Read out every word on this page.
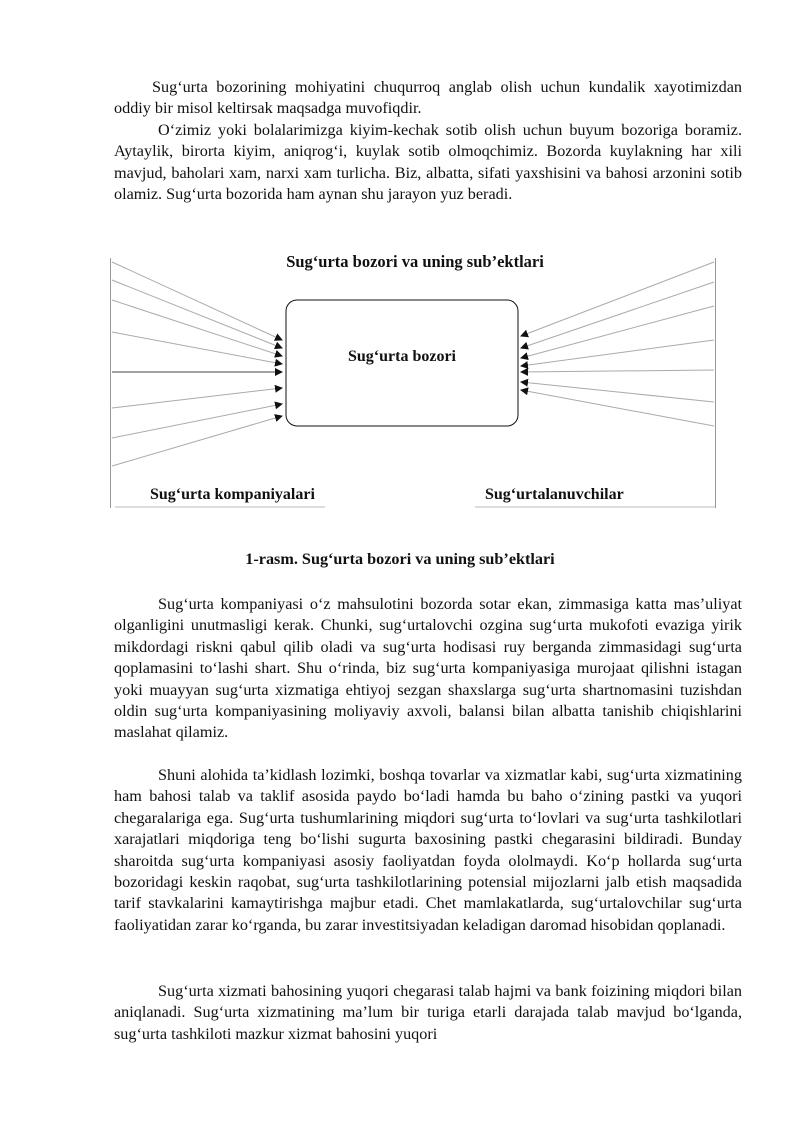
Sug‘urta bozorining mohiyatini chuqurroq anglab olish uchun kundalik xayotimizdan oddiy bir misol keltirsak maqsadga muvofiqdir.

O‘zimiz yoki bolalarimizga kiyim-kechak sotib olish uchun buyum bozoriga boramiz. Aytaylik, birorta kiyim, aniqrog‘i, kuylak sotib olmoqchimiz. Bozorda kuylakning har xili mavjud, baholari xam, narxi xam turlicha. Biz, albatta, sifati yaxshisini va bahosi arzonini sotib olamiz. Sug‘urta bozorida ham aynan shu jarayon yuz beradi.

Sug‘urta bozori va uning sub’ektlari
Sug‘urta bozori
Sug‘urta kompaniyalari	Sug‘urtalanuvchilar
1-rasm. Sug‘urta bozori va uning sub’ektlari

Sug‘urta kompaniyasi o‘z mahsulotini bozorda sotar ekan, zimmasiga katta mas’uliyat olganligini unutmasligi kerak. Chunki, sug‘urtalovchi ozgina sug‘urta mukofoti evaziga yirik mikdordagi riskni qabul qilib oladi va sug‘urta hodisasi ruy berganda zimmasidagi sug‘urta qoplamasini to‘lashi shart. Shu o‘rinda, biz sug‘urta kompaniyasiga murojaat qilishni istagan yoki muayyan sug‘urta xizmatiga ehtiyoj sezgan shaxslarga sug‘urta shartnomasini tuzishdan oldin sug‘urta kompaniyasining moliyaviy axvoli, balansi bilan albatta tanishib chiqishlarini maslahat qilamiz.

Shuni alohida ta’kidlash lozimki, boshqa tovarlar va xizmatlar kabi, sug‘urta xizmatining ham bahosi talab va taklif asosida paydo bo‘ladi hamda bu baho o‘zining pastki va yuqori chegaralariga ega. Sug‘urta tushumlarining miqdori sug‘urta to‘lovlari va sug‘urta tashkilotlari xarajatlari miqdoriga teng bo‘lishi sugurta baxosining pastki chegarasini bildiradi. Bunday sharoitda sug‘urta kompaniyasi asosiy faoliyatdan foyda ololmaydi. Ko‘p hollarda sug‘urta bozoridagi keskin raqobat, sug‘urta tashkilotlarining potensial mijozlarni jalb etish maqsadida tarif stavkalarini kamaytirishga majbur etadi. Chet mamlakatlarda, sug‘urtalovchilar sug‘urta faoliyatidan zarar ko‘rganda, bu zarar investitsiyadan keladigan daromad hisobidan qoplanadi.

Sug‘urta xizmati bahosining yuqori chegarasi talab hajmi va bank foizining miqdori bilan aniqlanadi. Sug‘urta xizmatining ma’lum bir turiga etarli darajada talab mavjud bo‘lganda, sug‘urta tashkiloti mazkur xizmat bahosini yuqori
